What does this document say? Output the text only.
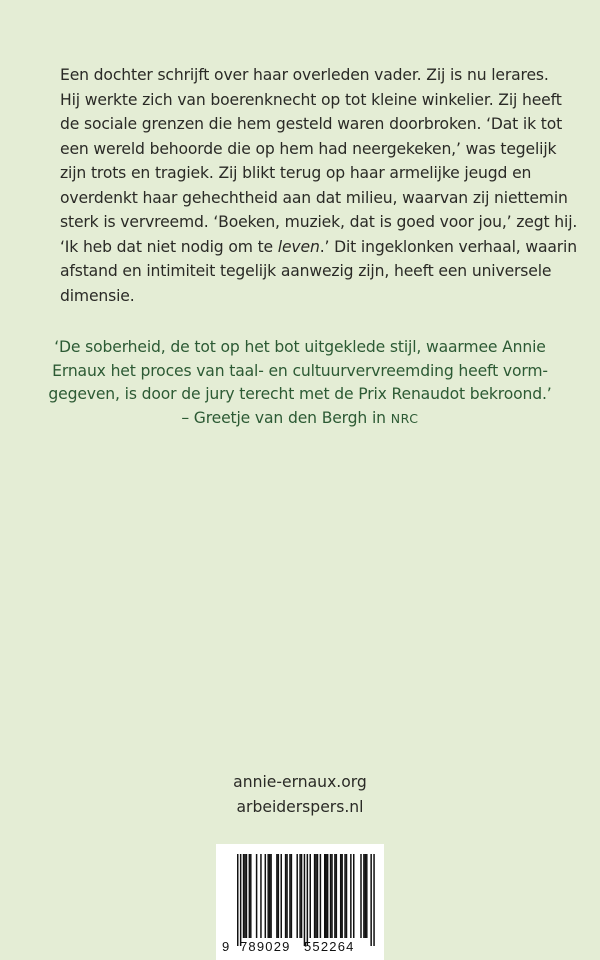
Een dochter schrijft over haar overleden vader. Zij is nu lerares.
Hij werkte zich van boerenknecht op tot kleine winkelier. Zij heeft
de sociale grenzen die hem gesteld waren doorbroken. ‘Dat ik tot
een wereld behoorde die op hem had neergekeken,’ was tegelijk
zijn trots en tragiek. Zij blikt terug op haar armelijke jeugd en
overdenkt haar gehechtheid aan dat milieu, waarvan zij niettemin
sterk is vervreemd. ‘Boeken, muziek, dat is goed voor jou,’ zegt hij.
‘Ik heb dat niet nodig om te leven.’ Dit ingeklonken verhaal, waarin
afstand en intimiteit tegelijk aanwezig zijn, heeft een universele
dimensie.
‘De soberheid, de tot op het bot uitgeklede stijl, waarmee Annie
Ernaux het proces van taal- en cultuurvervreemding heeft vorm-
gegeven, is door de jury terecht met de Prix Renaudot bekroond.’
– Greetje van den Bergh in NRC
annie-ernaux.org
arbeiderspers.nl
9 789029 552264
